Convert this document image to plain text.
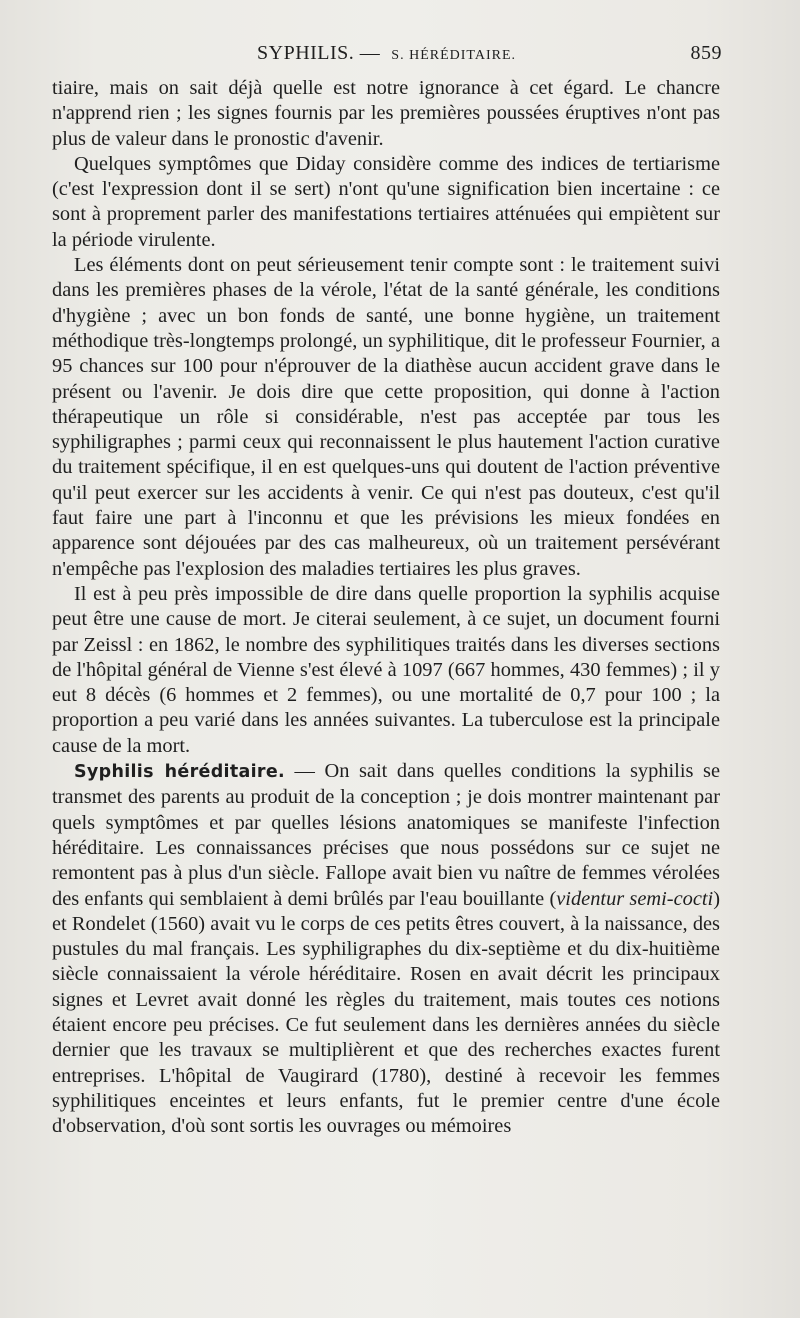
SYPHILIS. — S. HÉRÉDITAIRE.	859

tiaire, mais on sait déjà quelle est notre ignorance à cet égard. Le chancre n'apprend rien ; les signes fournis par les premières poussées éruptives n'ont pas plus de valeur dans le pronostic d'avenir.

Quelques symptômes que Diday considère comme des indices de tertiarisme (c'est l'expression dont il se sert) n'ont qu'une signification bien incertaine : ce sont à proprement parler des manifestations tertiaires atténuées qui empiètent sur la période virulente.

Les éléments dont on peut sérieusement tenir compte sont : le traitement suivi dans les premières phases de la vérole, l'état de la santé générale, les conditions d'hygiène ; avec un bon fonds de santé, une bonne hygiène, un traitement méthodique très-longtemps prolongé, un syphilitique, dit le professeur Fournier, a 95 chances sur 100 pour n'éprouver de la diathèse aucun accident grave dans le présent ou l'avenir. Je dois dire que cette proposition, qui donne à l'action thérapeutique un rôle si considérable, n'est pas acceptée par tous les syphiligraphes ; parmi ceux qui reconnaissent le plus hautement l'action curative du traitement spécifique, il en est quelques-uns qui doutent de l'action préventive qu'il peut exercer sur les accidents à venir. Ce qui n'est pas douteux, c'est qu'il faut faire une part à l'inconnu et que les prévisions les mieux fondées en apparence sont déjouées par des cas malheureux, où un traitement persévérant n'empêche pas l'explosion des maladies tertiaires les plus graves.

Il est à peu près impossible de dire dans quelle proportion la syphilis acquise peut être une cause de mort. Je citerai seulement, à ce sujet, un document fourni par Zeissl : en 1862, le nombre des syphilitiques traités dans les diverses sections de l'hôpital général de Vienne s'est élevé à 1097 (667 hommes, 430 femmes) ; il y eut 8 décès (6 hommes et 2 femmes), ou une mortalité de 0,7 pour 100 ; la proportion a peu varié dans les années suivantes. La tuberculose est la principale cause de la mort.

Syphilis héréditaire. — On sait dans quelles conditions la syphilis se transmet des parents au produit de la conception ; je dois montrer maintenant par quels symptômes et par quelles lésions anatomiques se manifeste l'infection héréditaire. Les connaissances précises que nous possédons sur ce sujet ne remontent pas à plus d'un siècle. Fallope avait bien vu naître de femmes vérolées des enfants qui semblaient à demi brûlés par l'eau bouillante (videntur semi-cocti) et Rondelet (1560) avait vu le corps de ces petits êtres couvert, à la naissance, des pustules du mal français. Les syphiligraphes du dix-septième et du dix-huitième siècle connaissaient la vérole héréditaire. Rosen en avait décrit les principaux signes et Levret avait donné les règles du traitement, mais toutes ces notions étaient encore peu précises. Ce fut seulement dans les dernières années du siècle dernier que les travaux se multiplièrent et que des recherches exactes furent entreprises. L'hôpital de Vaugirard (1780), destiné à recevoir les femmes syphilitiques enceintes et leurs enfants, fut le premier centre d'une école d'observation, d'où sont sortis les ouvrages ou mémoires
